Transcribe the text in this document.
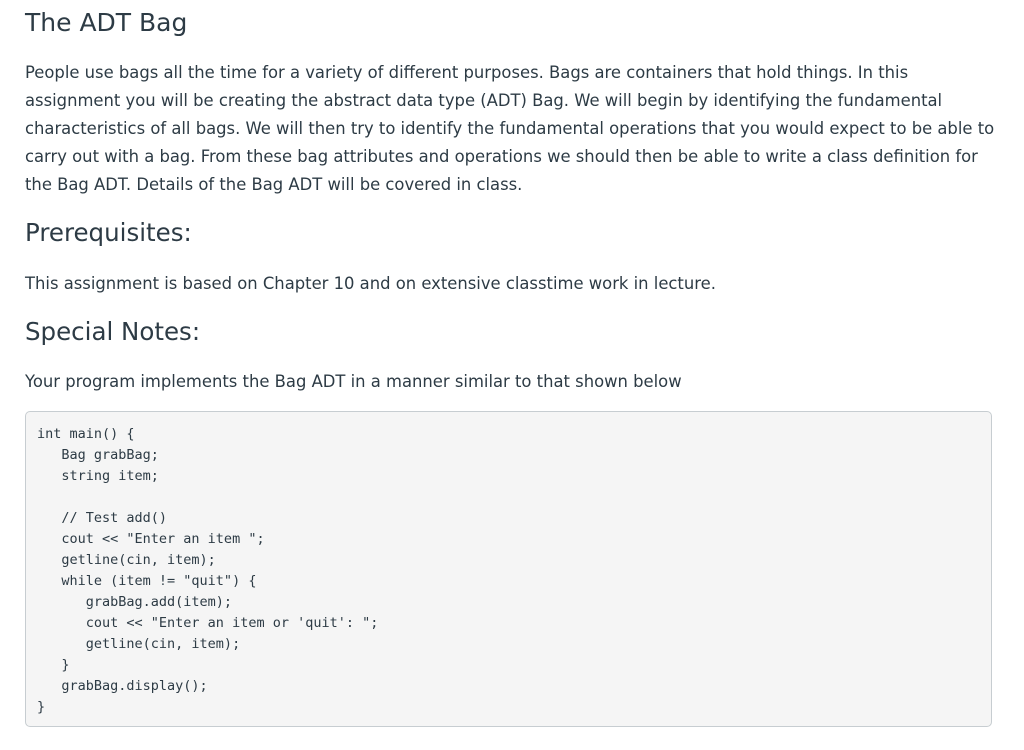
The ADT Bag

People use bags all the time for a variety of different purposes. Bags are containers that hold things. In this assignment you will be creating the abstract data type (ADT) Bag. We will begin by identifying the fundamental characteristics of all bags. We will then try to identify the fundamental operations that you would expect to be able to carry out with a bag. From these bag attributes and operations we should then be able to write a class definition for the Bag ADT. Details of the Bag ADT will be covered in class.

Prerequisites:

This assignment is based on Chapter 10 and on extensive classtime work in lecture.

Special Notes:

Your program implements the Bag ADT in a manner similar to that shown below

int main() {
Bag grabBag;
string item;
// Test add()
cout << "Enter an item ";
getline(cin, item);
while (item != "quit") {
grabBag.add(item);
cout << "Enter an item or 'quit': ";
getline(cin, item);
}
grabBag.display();
}
